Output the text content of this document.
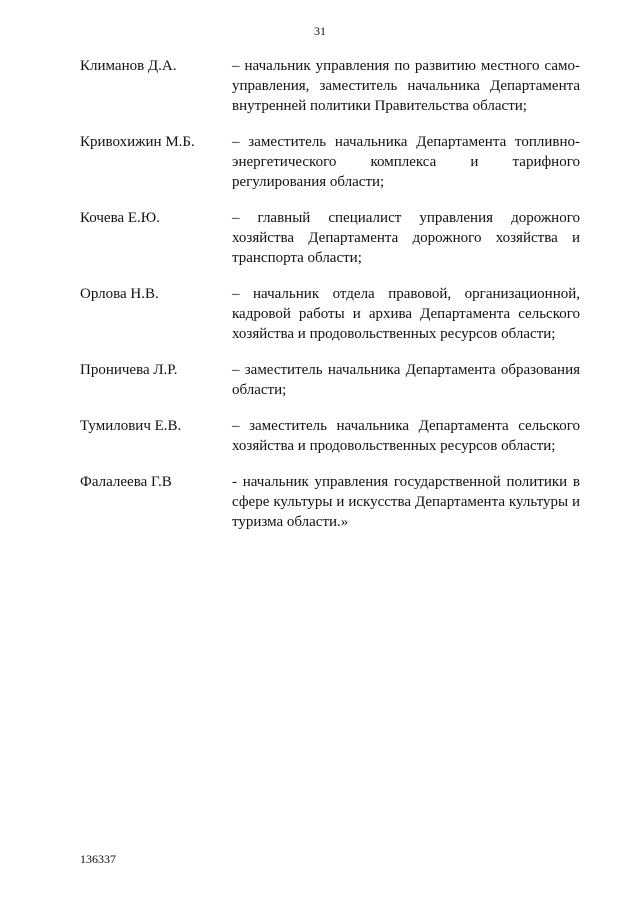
31
Климанов Д.А.	– начальник управления по развитию местного самоуправления, заместитель начальника Департамента внутренней политики Правительства области;
Кривохижин М.Б. – заместитель начальника Департамента топливно-энергетического комплекса и тарифного регулирования области;
Кочева Е.Ю.	– главный специалист управления дорожного хозяйства Департамента дорожного хозяйства и транспорта области;
Орлова Н.В.	– начальник отдела правовой, организационной, кадровой работы и архива Департамента сельского хозяйства и продовольственных ресурсов области;
Проничева Л.Р.	– заместитель начальника Департамента образования области;
Тумилович Е.В.	– заместитель начальника Департамента сельского хозяйства и продовольственных ресурсов области;
Фалалеева Г.В	- начальник управления государственной политики в сфере культуры и искусства Департамента культуры и туризма области.»
136337
